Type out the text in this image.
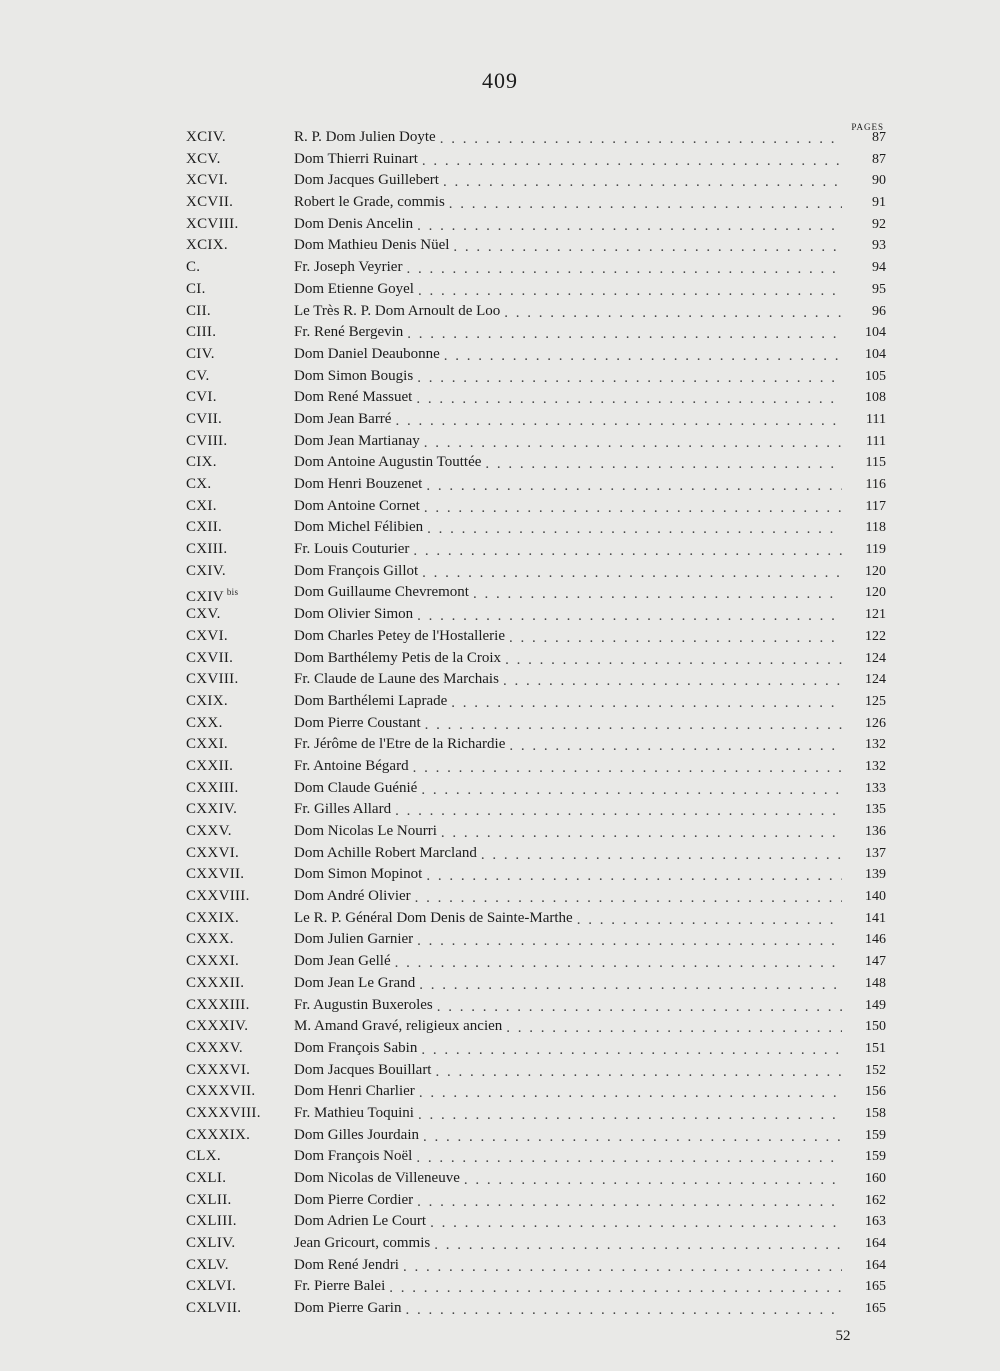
409
PAGES
XCIV.	R. P. Dom Julien Doyte . . .	87
XCV.	Dom Thierri Ruinart . . .	87
XCVI.	Dom Jacques Guillebert . . .	90
XCVII.	Robert le Grade, commis . . .	91
XCVIII.	Dom Denis Ancelin . . .	92
XCIX.	Dom Mathieu Denis Nüel . . .	93
C.	Fr. Joseph Veyrier . . .	94
CI.	Dom Etienne Goyel . . .	95
CII.	Le Très R. P. Dom Arnoult de Loo . . .	96
CIII.	Fr. René Bergevin . . .	104
CIV.	Dom Daniel Deaubonne . . .	104
CV.	Dom Simon Bougis . . .	105
CVI.	Dom René Massuet . . .	108
CVII.	Dom Jean Barré . . .	111
CVIII.	Dom Jean Martianay . . .	111
CIX.	Dom Antoine Augustin Touttée . . .	115
CX.	Dom Henri Bouzenet . . .	116
CXI.	Dom Antoine Cornet . . .	117
CXII.	Dom Michel Félibien . . .	118
CXIII.	Fr. Louis Couturier . . .	119
CXIV.	Dom François Gillot . . .	120
CXIV $^{bis}$	Dom Guillaume Chevremont . . .	120
CXV.	Dom Olivier Simon . . .	121
CXVI.	Dom Charles Petey de l'Hostallerie . . .	122
CXVII.	Dom Barthélemy Petis de la Croix . . .	124
CXVIII.	Fr. Claude de Laune des Marchais . . .	124
CXIX.	Dom Barthélemi Laprade . . .	125
CXX.	Dom Pierre Coustant . . .	126
CXXI.	Fr. Jérôme de l'Etre de la Richardie . . .	132
CXXII.	Fr. Antoine Bégard . . .	132
CXXIII.	Dom Claude Guénié . . .	133
CXXIV.	Fr. Gilles Allard . . .	135
CXXV.	Dom Nicolas Le Nourri . . .	136
CXXVI.	Dom Achille Robert Marcland . . .	137
CXXVII.	Dom Simon Mopinot . . .	139
CXXVIII.	Dom André Olivier . . .	140
CXXIX.	Le R. P. Général Dom Denis de Sainte-Marthe . . .	141
CXXX.	Dom Julien Garnier . . .	146
CXXXI.	Dom Jean Gellé . . .	147
CXXXII.	Dom Jean Le Grand . . .	148
CXXXIII.	Fr. Augustin Buxeroles . . .	149
CXXXIV.	M. Amand Gravé, religieux ancien . . .	150
CXXXV.	Dom François Sabin . . .	151
CXXXVI.	Dom Jacques Bouillart . . .	152
CXXXVII.	Dom Henri Charlier . . .	156
CXXXVIII. Fr. Mathieu Toquini . . .	158
CXXXIX.	Dom Gilles Jourdain . . .	159
CLX.	Dom François Noël . . .	159
CXLI.	Dom Nicolas de Villeneuve . . .	160
CXLII.	Dom Pierre Cordier . . .	162
CXLIII.	Dom Adrien Le Court . . .	163
CXLIV.	Jean Gricourt, commis . . .	164
CXLV.	Dom René Jendri . . .	164
CXLVI.	Fr. Pierre Balei . . .	165
CXLVII.	Dom Pierre Garin . . .	165
52
